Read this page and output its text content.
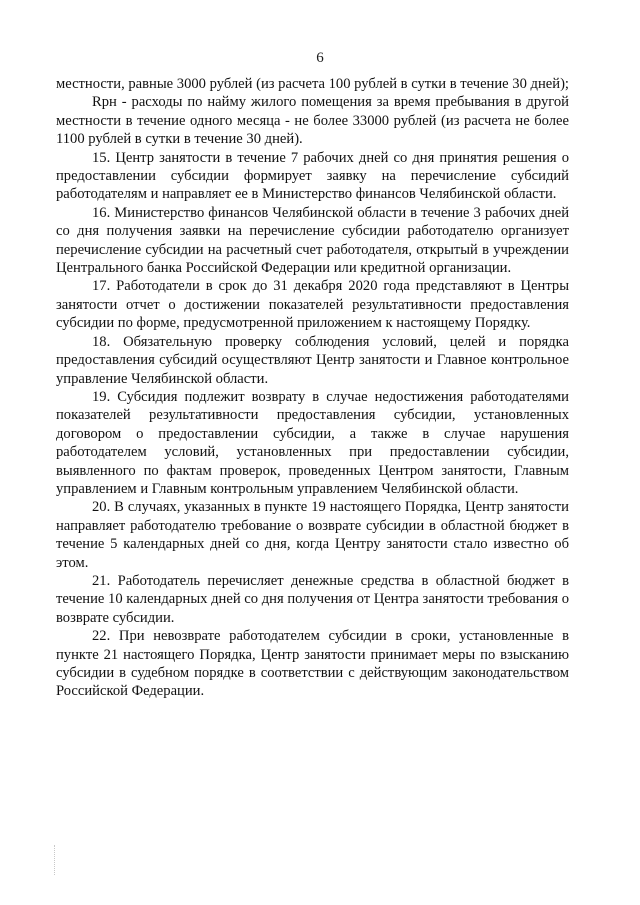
6

местности, равные 3000 рублей (из расчета 100 рублей в сутки в течение 30 дней);

Rрн - расходы по найму жилого помещения за время пребывания в другой местности в течение одного месяца - не более 33000 рублей (из расчета не более 1100 рублей в сутки в течение 30 дней).

15. Центр занятости в течение 7 рабочих дней со дня принятия решения о предоставлении субсидии формирует заявку на перечисление субсидий работодателям и направляет ее в Министерство финансов Челябинской области.

16. Министерство финансов Челябинской области в течение 3 рабочих дней со дня получения заявки на перечисление субсидии работодателю организует перечисление субсидии на расчетный счет работодателя, открытый в учреждении Центрального банка Российской Федерации или кредитной организации.

17. Работодатели в срок до 31 декабря 2020 года представляют в Центры занятости отчет о достижении показателей результативности предоставления субсидии по форме, предусмотренной приложением к настоящему Порядку.

18. Обязательную проверку соблюдения условий, целей и порядка предоставления субсидий осуществляют Центр занятости и Главное контрольное управление Челябинской области.

19. Субсидия подлежит возврату в случае недостижения работодателями показателей результативности предоставления субсидии, установленных договором о предоставлении субсидии, а также в случае нарушения работодателем условий, установленных при предоставлении субсидии, выявленного по фактам проверок, проведенных Центром занятости, Главным управлением и Главным контрольным управлением Челябинской области.

20. В случаях, указанных в пункте 19 настоящего Порядка, Центр занятости направляет работодателю требование о возврате субсидии в областной бюджет в течение 5 календарных дней со дня, когда Центру занятости стало известно об этом.

21. Работодатель перечисляет денежные средства в областной бюджет в течение 10 календарных дней со дня получения от Центра занятости требования о возврате субсидии.

22. При невозврате работодателем субсидии в сроки, установленные в пункте 21 настоящего Порядка, Центр занятости принимает меры по взысканию субсидии в судебном порядке в соответствии с действующим законодательством Российской Федерации.
